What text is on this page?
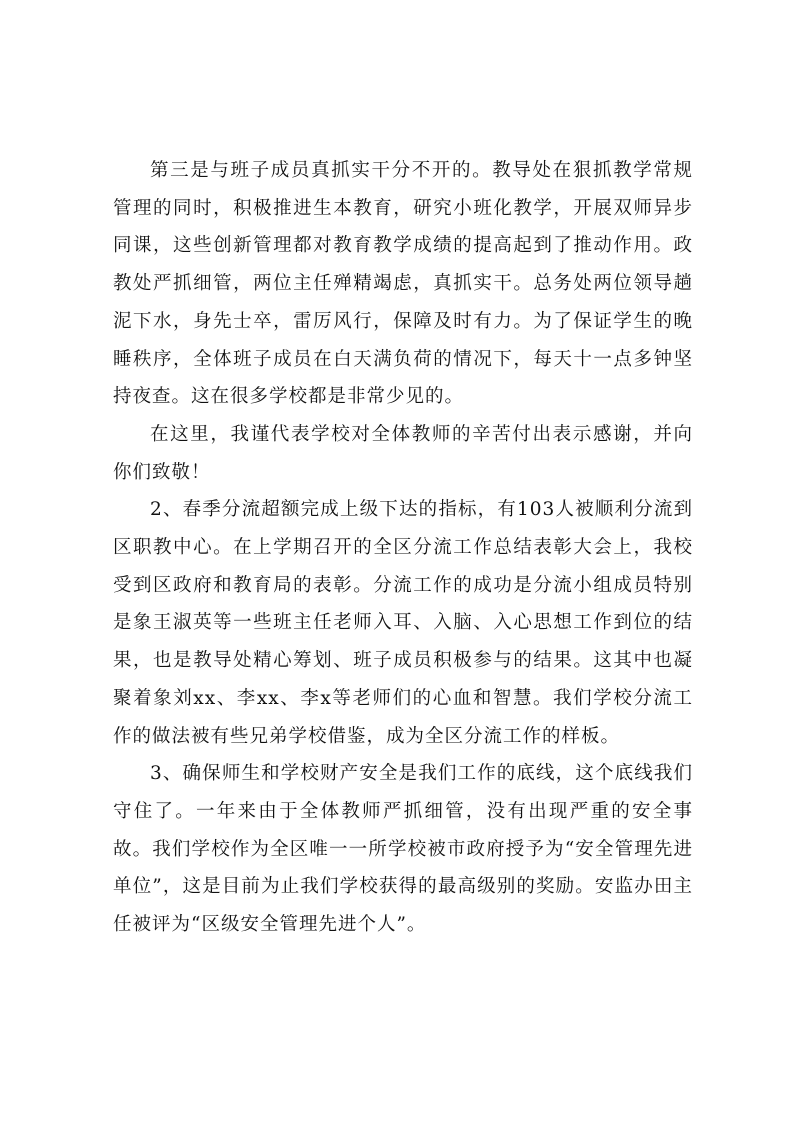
第三是与班子成员真抓实干分不开的。教导处在狠抓教学常规管理的同时，积极推进生本教育，研究小班化教学，开展双师异步同课，这些创新管理都对教育教学成绩的提高起到了推动作用。政教处严抓细管，两位主任殚精竭虑，真抓实干。总务处两位领导趟泥下水，身先士卒，雷厉风行，保障及时有力。为了保证学生的晚睡秩序，全体班子成员在白天满负荷的情况下，每天十一点多钟坚持夜查。这在很多学校都是非常少见的。

在这里，我谨代表学校对全体教师的辛苦付出表示感谢，并向你们致敬！

2、春季分流超额完成上级下达的指标，有103人被顺利分流到区职教中心。在上学期召开的全区分流工作总结表彰大会上，我校受到区政府和教育局的表彰。分流工作的成功是分流小组成员特别是象王淑英等一些班主任老师入耳、入脑、入心思想工作到位的结果，也是教导处精心筹划、班子成员积极参与的结果。这其中也凝聚着象刘xx、李xx、李x等老师们的心血和智慧。我们学校分流工作的做法被有些兄弟学校借鉴，成为全区分流工作的样板。

3、确保师生和学校财产安全是我们工作的底线，这个底线我们守住了。一年来由于全体教师严抓细管，没有出现严重的安全事故。我们学校作为全区唯一一所学校被市政府授予为“安全管理先进单位”，这是目前为止我们学校获得的最高级别的奖励。安监办田主任被评为“区级安全管理先进个人”。
